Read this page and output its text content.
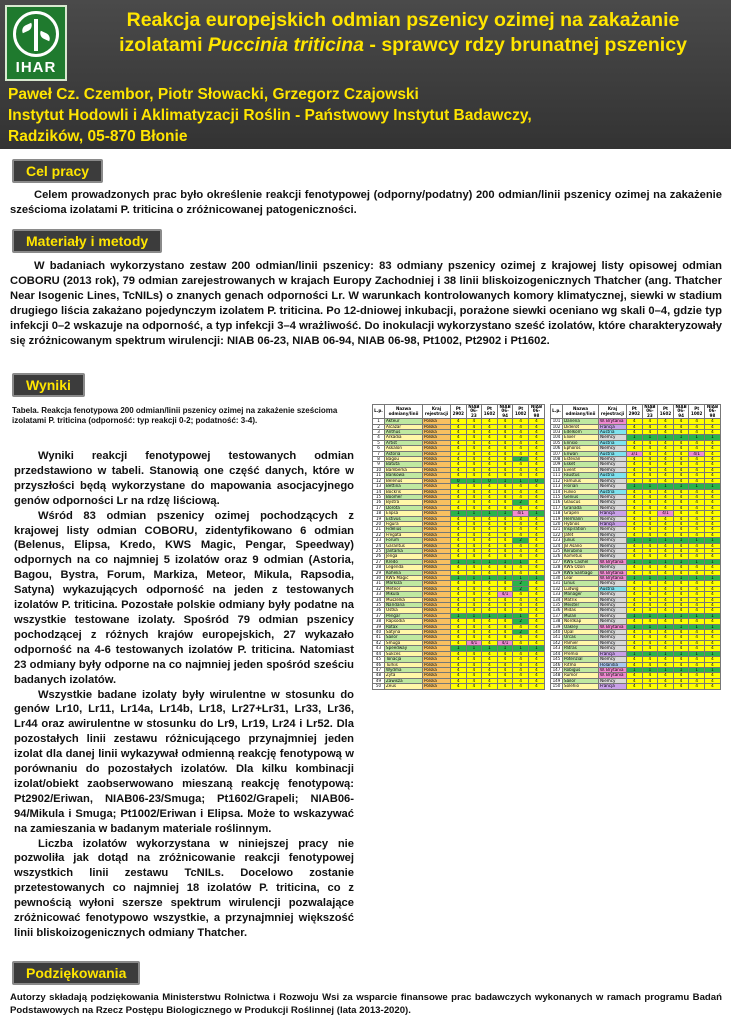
IHAR
Reakcja europejskich odmian pszenicy ozimej na zakażanie
izolatami Puccinia triticina - sprawcy rdzy brunatnej pszenicy
Paweł Cz. Czembor, Piotr Słowacki, Grzegorz Czajowski
Instytut Hodowli i Aklimatyzacji Roślin - Państwowy Instytut Badawczy,
Radzików, 05-870 Błonie
Cel pracy
Celem prowadzonych prac było określenie reakcji fenotypowej (odporny/podatny) 200 odmian/linii pszenicy ozimej na zakażenie sześcioma izolatami P. triticina o zróżnicowanej patogeniczności.
Materiały i metody
W badaniach wykorzystano zestaw 200 odmian/linii pszenicy: 83 odmiany pszenicy ozimej z krajowej listy opisowej odmian COBORU (2013 rok), 79 odmian zarejestrowanych w krajach Europy Zachodniej i 38 linii bliskoizogenicznych Thatcher (ang. Thatcher Near Isogenic Lines, TcNILs) o znanych genach odporności Lr. W warunkach kontrolowanych komory klimatycznej, siewki w stadium drugiego liścia zakażano pojedynczym izolatem P. triticina. Po 12-dniowej inkubacji, porażone siewki oceniano wg skali 0–4, gdzie typ infekcji 0–2 wskazuje na odporność, a typ infekcji 3–4 wrażliwość. Do inokulacji wykorzystano sześć izolatów, które charakteryzowały się zróżnicowanym spektrum wirulencji: NIAB 06-23, NIAB 06-94, NIAB 06-98, Pt1002, Pt2902 i Pt1602.
Wyniki
Tabela. Reakcja fenotypowa 200 odmian/linii pszenicy ozimej na zakażenie sześcioma izolatami P. triticina (odporność: typ reakcji 0-2; podatność: 3-4).

Wyniki reakcji fenotypowej testowanych odmian przedstawiono w tabeli. Stanowią one część danych, które w przyszłości będą wykorzystane do mapowania asocjacyjnego genów odporności Lr na rdzę liściową.

Wśród 83 odmian pszenicy ozimej pochodzących z krajowej listy odmian COBORU, zidentyfikowano 6 odmian (Belenus, Elipsa, Kredo, KWS Magic, Pengar, Speedway) odpornych na co najmniej 5 izolatów oraz 9 odmian (Astoria, Bagou, Bystra, Forum, Markiza, Meteor, Mikula, Rapsodia, Satyna) wykazujących odporność na jeden z testowanych izolatów P. triticina. Pozostałe polskie odmiany były podatne na wszystkie testowane izolaty. Spośród 79 odmian pszenicy pochodzącej z różnych krajów europejskich, 27 wykazało odporność na 4-6 testowanych izolatów P. triticina. Natomiast 23 odmiany były odporne na co najmniej jeden spośród sześciu badanych izolatów.

Wszystkie badane izolaty były wirulentne w stosunku do genów Lr10, Lr11, Lr14a, Lr14b, Lr18, Lr27+Lr31, Lr33, Lr36, Lr44 oraz awirulentne w stosunku do Lr9, Lr19, Lr24 i Lr52. Dla pozostałych linii zestawu różnicującego przynajmniej jeden izolat dla danej linii wykazywał odmienną reakcję fenotypową w porównaniu do pozostałych izolatów. Dla kilku kombinacji izolat/obiekt zaobserwowano mieszaną reakcję fenotypową: Pt2902/Eriwan, NIAB06-23/Smuga; Pt1602/Grapeli; NIAB06-94/Mikula i Smuga; Pt1002/Eriwan i Elipsa. Może to wskazywać na zamieszania w badanym materiale roślinnym.

Liczba izolatów wykorzystana w niniejszej pracy nie pozwoliła jak dotąd na zróżnicowanie reakcji fenotypowej wszystkich linii zestawu TcNILs. Docelowo zostanie przetestowanych co najmniej 18 izolatów P. triticina, co z pewnością wyłoni szersze spektrum wirulencji pozwalające zróżnicować fenotypowo wszystkie, a przynajmniej większość linii bliskoizogenicznych odmiany Thatcher.

L.p.	Nazwa odmiany/linii	Kraj rejestracji	Pt 2902	NIAB 06-23	Pt 1602	NIAB 06-94	Pt 1002	NIAB 06-98
1	Akteur	Polska	4	4	4	4	4	4
2	Alcazar	Polska	4	4	4	4	4	4
3	Anthus	Polska	4	4	4	4	4	4
4	Arkadia	Polska	4	4	4	4	4	4
5	Artist	Polska	4	4	4	4	4	4
6	Askalon	Polska	4	4	4	4	4	4
7	Astoria	Polska	3	4	4	4	4	4
8	Bagou	Polska	4	4	4	4	2	4
9	Batuta	Polska	4	4	4	4	4	4
10	Bamberka	Polska	4	4	4	4	4	4
11	Bankowa	Polska	4	4	4	4	4	4
12	Belenus	Polska	0	1	0	1	1	0
13	Bettina	Polska	4	4	4	4	4	4
14	Bockris	Polska	4	4	4	4	4	4
15	Boomer	Polska	4	4	4	4	4	4
16	Bystra	Polska	3	4	4	4	2	4
17	Dorota	Polska	4	4	4	4	4	4
18	Elipsa	Polska	1	1	1	1	4/1	1
19	Estivus	Polska	4	4	4	4	4	4
20	Figura	Polska	4	4	4	4	4	4
21	Fidelius	Polska	4	4	4	4	4	4
22	Fregata	Polska	4	4	4	4	4	4
23	Forum	Polska	4	4	4	4	2	4
24	Garantus	Polska	4	4	4	4	4	4
25	Jantarka	Polska	4	4	4	4	4	4
26	Jenga	Polska	4	4	4	4	4	4
27	Kredo	Polska	1	1	1	1	1	4
28	Legenda	Polska	4	4	4	4	4	4
29	Kohelia	Polska	4	4	4	4	4	4
30	KWS Magic	Polska	1	1	1	1	1	1
31	Markiza	Polska	4	4	4	4	2	4
32	Meteor	Polska	4	4	4	4	2	4
33	Mikula	Polska	4	4	4	4/1	4	4
34	Muszelka	Polska	4	4	4	4	4	4
35	Naridana	Polska	4	4	4	4	4	4
36	Ostka	Polska	4	4	4	4	4	4
37	Pengar	Polska	1	1	1	1	1	4
38	Rapsodia	Polska	4	4	4	4	2	4
39	Rotax	Polska	4	4	4	4	4	4
40	Satyna	Polska	4	4	4	4	2	4
41	Sailor	Polska	4	4	4	4	4	4
42	Smuga	Polska	4	4/1	4	4/1	4	4
43	Speedway	Polska	1	1	1	1	1	1
44	Sukces	Polska	4	4	4	4	4	4
45	Tonacja	Polska	4	4	4	4	4	4
46	Turkis	Polska	4	4	4	4	4	4
47	Wydma	Polska	4	4	4	4	4	4
48	Zyta	Polska	4	4	4	4	4	4
49	Zawisza	Polska	4	4	4	4	4	4
50	Zeus	Polska	4	4	4	4	4	4
L.p.	Nazwa odmiany/linii	Kraj rejestracji	Pt 2902	NIAB 06-23	Pt 1602	NIAB 06-94	Pt 1002	NIAB 06-98
101	Danena	W. Brytania	4	4	4	4	4	4
102	Diderot	Francja	4	4	4	4	4	4
103	Edelkorn	Austria	4	4	4	4	4	4
104	Elixer	Niemcy	1	1	1	1	1	1
105	Ennsio	Austria	4	4	4	4	4	4
106	Ephoros	Niemcy	4	4	4	4	4	4
107	Eriwan	Austria	3/1	4	4	4	4/1	4
108	Estevan	Niemcy	4	4	4	4	4	4
109	Esket	Niemcy	4	4	4	4	4	4
110	Event	Niemcy	4	4	4	4	4	4
111	Faustus	Austria	4	4	4	4	4	4
112	Famulus	Niemcy	4	4	4	4	4	4
113	Florian	Niemcy	1	1	1	1	1	1
114	Fulvio	Austria	4	4	4	4	4	4
115	Genius	Niemcy	4	4	4	4	4	4
116	Glaucus	Niemcy	4	4	4	4	4	4
117	Granada	Niemcy	4	4	4	4	4	4
118	Grapeli	Francja	4	4	4/1	4	4	4
119	Hermann	Niemcy	4	4	4	4	4	4
120	Hybnos	Francja	4	4	4	4	4	4
121	Inspiration	Niemcy	4	4	4	4	4	4
122	Jafet	Niemcy	4	4	4	4	4	4
123	Julius	Niemcy	1	1	1	1	1	1
124	JB Asano	Niemcy	4	4	4	4	4	4
125	Kerubino	Niemcy	4	4	4	4	4	4
126	Kometus	Niemcy	4	4	4	4	4	4
127	KWS Cashel	W. Brytania	1	1	1	1	1	1
128	KWS Ozon	Niemcy	4	4	4	4	4	4
129	KWS Santiago	W. Brytania	4	4	4	4	4	4
130	Lear	W. Brytania	1	1	1	1	1	1
131	Linus	Niemcy	4	4	4	4	4	4
132	Ludwig	Austria	4	4	4	4	4	4
133	Manager	Niemcy	4	4	4	4	4	4
134	Matrix	Niemcy	4	4	4	4	4	4
135	Meister	Niemcy	4	4	4	4	4	4
136	Midas	Niemcy	4	4	4	4	4	4
137	Mulan	Niemcy	1	1	1	1	1	1
138	Nordkap	Niemcy	4	4	4	4	4	4
139	Oakley	W. Brytania	1	1	1	1	1	1
140	Opal	Niemcy	4	4	4	4	4	4
141	Orcas	Niemcy	4	4	4	4	4	4
142	Pamier	Niemcy	4	4	4	4	4	4
143	Patras	Niemcy	4	4	4	4	4	4
144	Premio	Francja	1	1	1	1	1	1
145	Potenzial	Niemcy	4	4	4	4	4	4
146	Ritmo	Holandia	4	4	4	4	4	4
147	Robigus	W. Brytania	1	1	1	1	1	1
148	Rumor	W. Brytania	4	4	4	4	4	4
149	Sailor	Niemcy	4	4	4	4	4	4
150	Solehio	Francja	4	4	4	4	4	4
Podziękowania
Autorzy składają podziękowania Ministerstwu Rolnictwa i Rozwoju Wsi za wsparcie finansowe prac badawczych wykonanych w ramach programu Badań Podstawowych na Rzecz Postępu Biologicznego w Produkcji Roślinnej (lata 2013-2020).
